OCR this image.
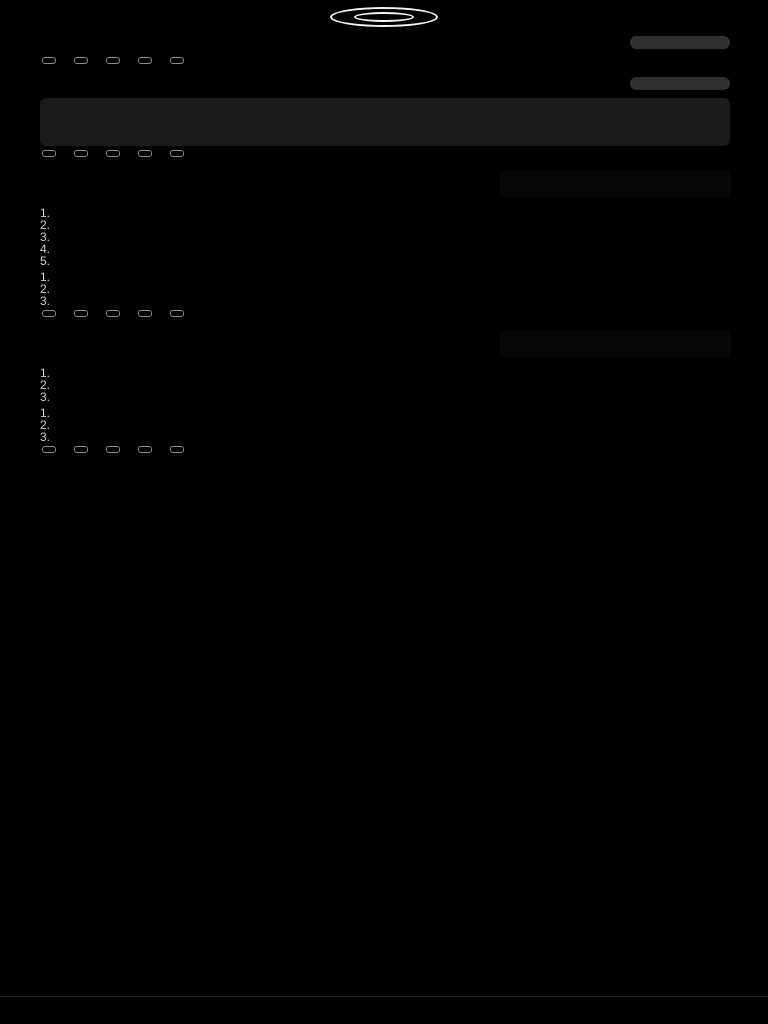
1.
2.
3.
4.
5.
1.
2.
3.

1.
2.
3.
1.
2.
3.
